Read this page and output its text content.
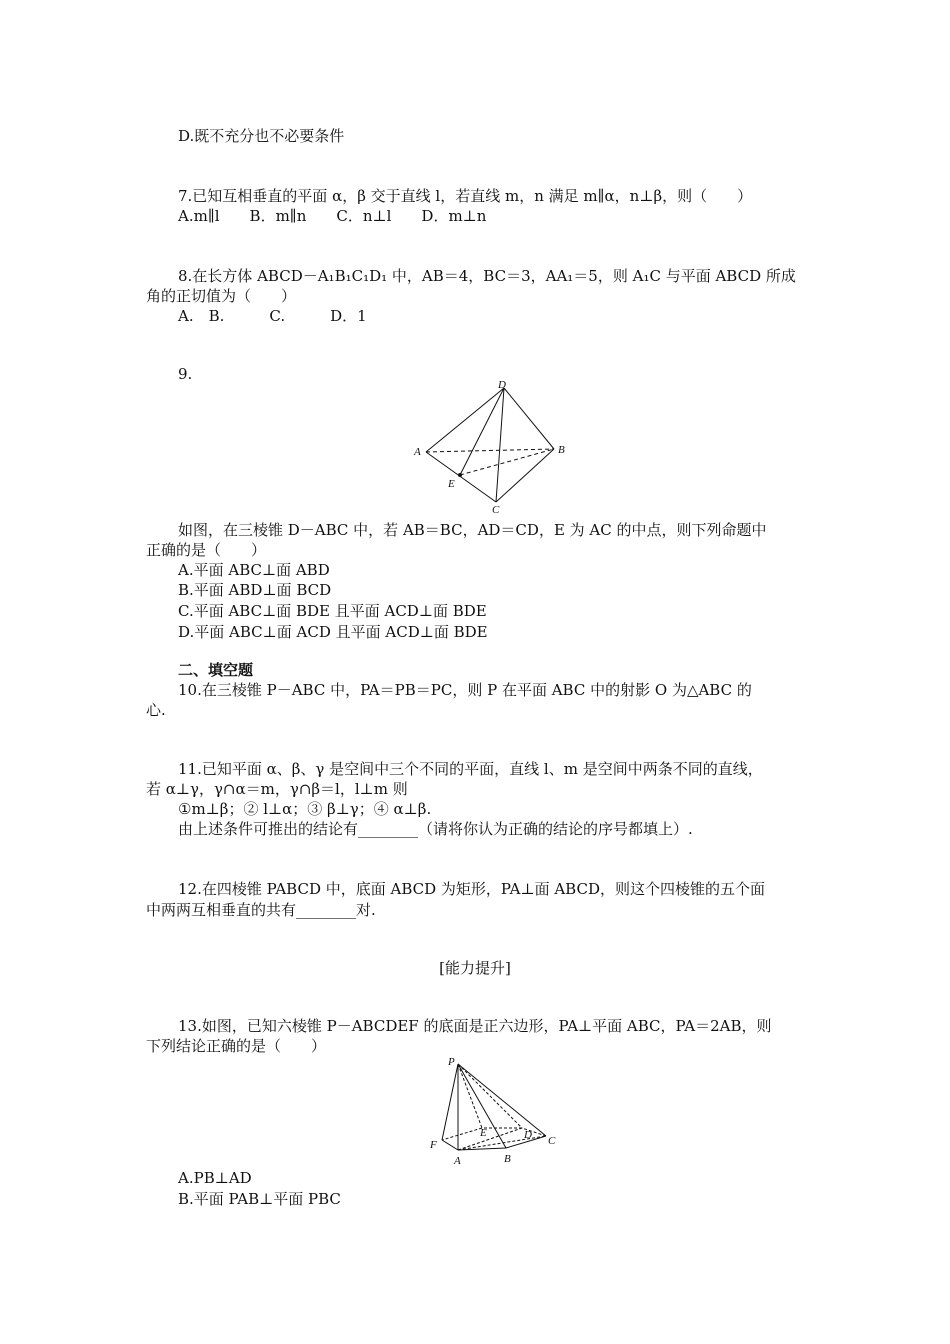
D.既不充分也不必要条件
7.已知互相垂直的平面 α，β 交于直线 l，若直线 m，n 满足 m∥α，n⊥β，则（　　）
A.m∥l　　B．m∥n　　C．n⊥l　　D．m⊥n
8.在长方体 ABCD－A₁B₁C₁D₁ 中，AB＝4，BC＝3，AA₁＝5，则 A₁C 与平面 ABCD 所成
角的正切值为（　　）
A.　B.　　　C.　　　D．1
9.
D
A	B
E
C
如图，在三棱锥 D－ABC 中，若 AB＝BC，AD＝CD，E 为 AC 的中点，则下列命题中
正确的是（　　）
A.平面 ABC⊥面 ABD
B.平面 ABD⊥面 BCD
C.平面 ABC⊥面 BDE 且平面 ACD⊥面 BDE
D.平面 ABC⊥面 ACD 且平面 ACD⊥面 BDE
二、填空题
10.在三棱锥 P－ABC 中，PA＝PB＝PC，则 P 在平面 ABC 中的射影 O 为△ABC 的
心.
11.已知平面 α、β、γ 是空间中三个不同的平面，直线 l、m 是空间中两条不同的直线，
若 α⊥γ，γ∩α＝m，γ∩β＝l，l⊥m 则
①m⊥β；② l⊥α；③ β⊥γ；④ α⊥β.
由上述条件可推出的结论有________（请将你认为正确的结论的序号都填上）.
12.在四棱锥 PABCD 中，底面 ABCD 为矩形，PA⊥面 ABCD，则这个四棱锥的五个面
中两两互相垂直的共有________对.
[能力提升]
13.如图，已知六棱锥 P－ABCDEF 的底面是正六边形，PA⊥平面 ABC，PA＝2AB，则
下列结论正确的是（　　）
P
F
E	D C
A	B
A.PB⊥AD
B.平面 PAB⊥平面 PBC
